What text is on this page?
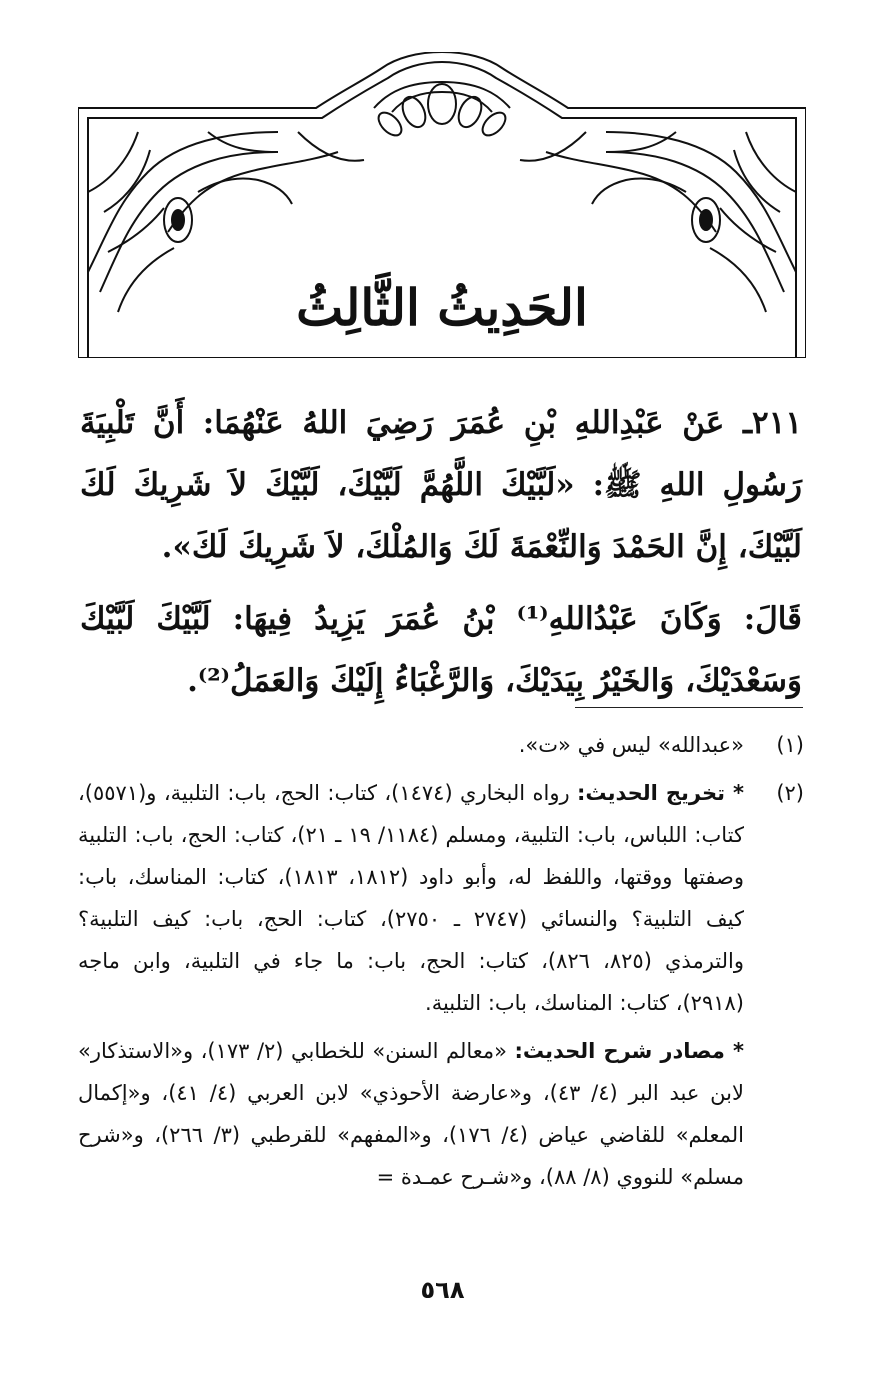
الحَدِيثُ الثَّالِثُ

٢١١ـ عَنْ عَبْدِاللهِ بْنِ عُمَرَ رَضِيَ اللهُ عَنْهُمَا: أَنَّ تَلْبِيَةَ رَسُولِ اللهِ ﷺ: «لَبَّيْكَ اللَّهُمَّ لَبَّيْكَ، لَبَّيْكَ لاَ شَرِيكَ لَكَ لَبَّيْكَ، إِنَّ الحَمْدَ وَالنِّعْمَةَ لَكَ وَالمُلْكَ، لاَ شَرِيكَ لَكَ».

قَالَ: وَكَانَ عَبْدُاللهِ⁽¹⁾ بْنُ عُمَرَ يَزِيدُ فِيهَا: لَبَّيْكَ لَبَّيْكَ وَسَعْدَيْكَ، وَالخَيْرُ بِيَدَيْكَ، وَالرَّغْبَاءُ إِلَيْكَ وَالعَمَلُ⁽²⁾.

(١)
«عبدالله» ليس في «ت».
(٢)
* تخريج الحديث: رواه البخاري (١٤٧٤)، كتاب: الحج، باب: التلبية، و(٥٥٧١)، كتاب: اللباس، باب: التلبية، ومسلم (١١٨٤/ ١٩ ـ ٢١)، كتاب: الحج، باب: التلبية وصفتها ووقتها، واللفظ له، وأبو داود (١٨١٢، ١٨١٣)، كتاب: المناسك، باب: كيف التلبية؟ والنسائي (٢٧٤٧ ـ ٢٧٥٠)، كتاب: الحج، باب: كيف التلبية؟ والترمذي (٨٢٥، ٨٢٦)، كتاب: الحج، باب: ما جاء في التلبية، وابن ماجه (٢٩١٨)، كتاب: المناسك، باب: التلبية.
* مصادر شرح الحديث: «معالم السنن» للخطابي (٢/ ١٧٣)، و«الاستذكار» لابن عبد البر (٤/ ٤٣)، و«عارضة الأحوذي» لابن العربي (٤/ ٤١)، و«إكمال المعلم» للقاضي عياض (٤/ ١٧٦)، و«المفهم» للقرطبي (٣/ ٢٦٦)، و«شرح مسلم» للنووي (٨/ ٨٨)، و«شـرح عمـدة =
٥٦٨
